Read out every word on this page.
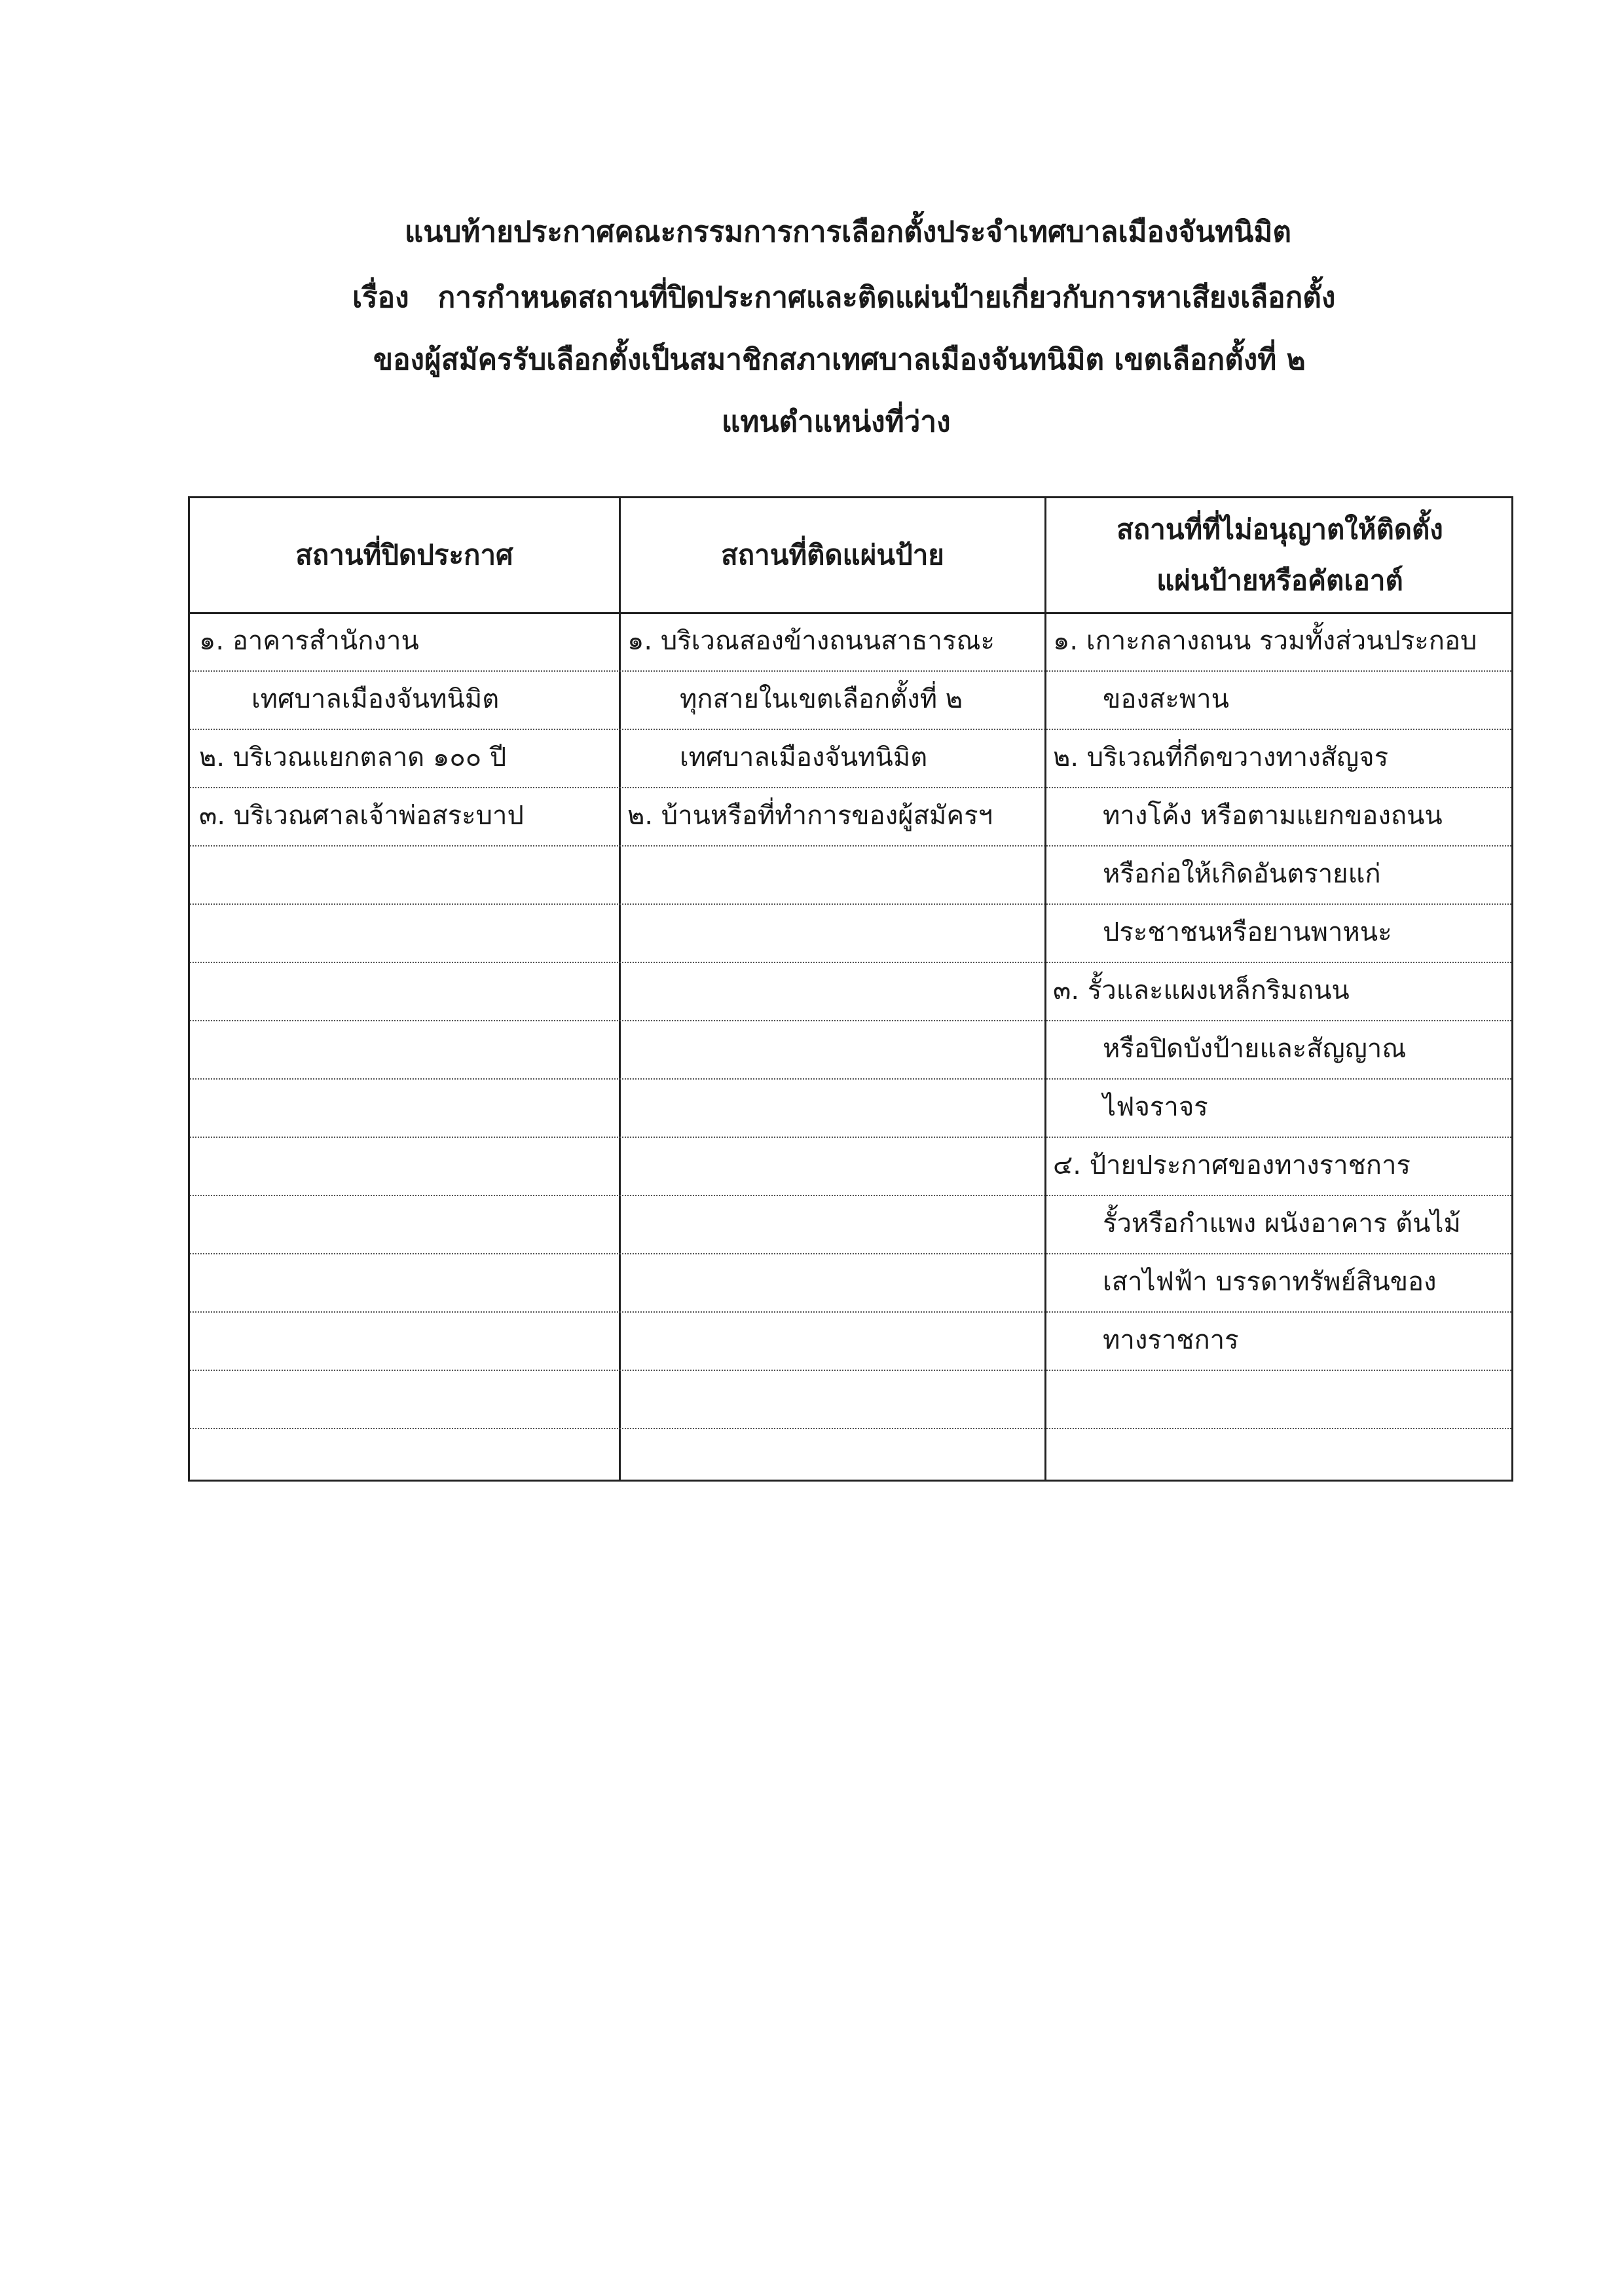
แนบท้ายประกาศคณะกรรมการการเลือกตั้งประจำเทศบาลเมืองจันทนิมิต
เรื่อง การกำหนดสถานที่ปิดประกาศและติดแผ่นป้ายเกี่ยวกับการหาเสียงเลือกตั้ง
ของผู้สมัครรับเลือกตั้งเป็นสมาชิกสภาเทศบาลเมืองจันทนิมิต เขตเลือกตั้งที่ ๒
แทนตำแหน่งที่ว่าง
สถานที่ปิดประกาศ	สถานที่ติดแผ่นป้าย
สถานที่ที่ไม่อนุญาตให้ติดตั้ง
แผ่นป้ายหรือคัตเอาต์
๑. อาคารสำนักงาน
เทศบาลเมืองจันทนิมิต
๒. บริเวณแยกตลาด ๑๐๐ ปี
๓. บริเวณศาลเจ้าพ่อสระบาป
๑. บริเวณสองข้างถนนสาธารณะ
ทุกสายในเขตเลือกตั้งที่ ๒
เทศบาลเมืองจันทนิมิต
๒. บ้านหรือที่ทำการของผู้สมัครฯ
๑. เกาะกลางถนน รวมทั้งส่วนประกอบ
ของสะพาน
๒. บริเวณที่กีดขวางทางสัญจร
ทางโค้ง หรือตามแยกของถนน
หรือก่อให้เกิดอันตรายแก่
ประชาชนหรือยานพาหนะ
๓. รั้วและแผงเหล็กริมถนน
หรือปิดบังป้ายและสัญญาณ
ไฟจราจร
๔. ป้ายประกาศของทางราชการ
รั้วหรือกำแพง ผนังอาคาร ต้นไม้
เสาไฟฟ้า บรรดาทรัพย์สินของ
ทางราชการ
